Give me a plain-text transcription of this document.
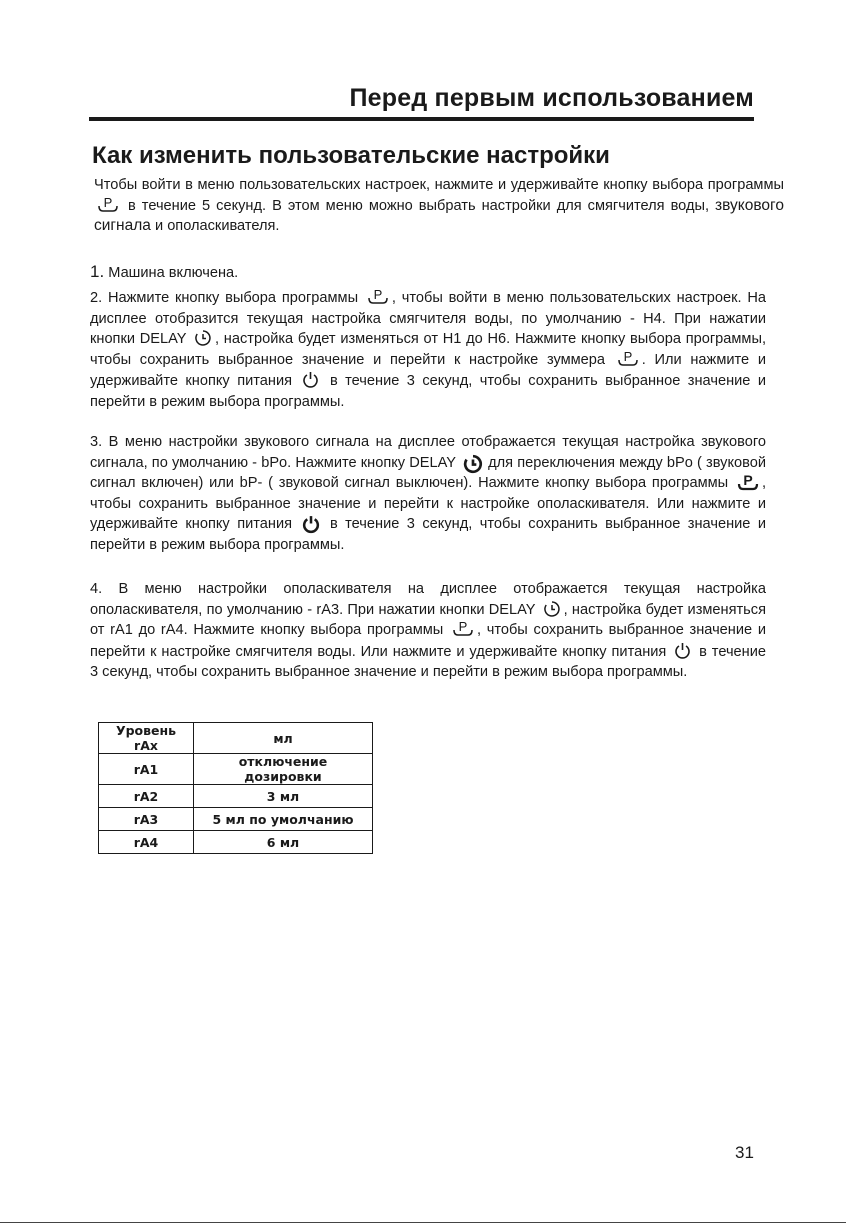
Перед первым использованием
Как изменить пользовательские настройки
Чтобы войти в меню пользовательских настроек, нажмите и удерживайте кнопку выбора программы
P в течение 5 секунд. В этом меню можно выбрать настройки для смягчителя воды, звукового сигнала и ополаскивателя.
1. Машина включена.
2. Нажмите кнопку выбора программы P , чтобы войти в меню пользовательских настроек. На дисплее отобразится текущая настройка смягчителя воды, по умолчанию - H4. При нажатии кнопки DELAY , настройка будет изменяться от H1 до H6. Нажмите кнопку выбора программы, чтобы сохранить выбранное значение и перейти к настройке зуммера P . Или нажмите и удерживайте кнопку питания	в течение 3 секунд, чтобы сохранить выбранное значение и перейти в режим выбора программы.
3. В меню настройки звукового сигнала на дисплее отображается текущая настройка звукового сигнала, по умолчанию - bPo. Нажмите кнопку DELAY для переключения между bPo ( звуковой сигнал включен) или bP- ( звуковой сигнал выключен). Нажмите кнопку выбора программы P , чтобы сохранить выбранное значение и перейти к настройке ополаскивателя. Или нажмите и удерживайте кнопку питания	в течение 3 секунд, чтобы сохранить выбранное значение и перейти в режим выбора программы.
4. В меню настройки ополаскивателя на дисплее отображается текущая настройка ополаскивателя, по умолчанию - rA3. При нажатии кнопки DELAY , настройка будет изменяться от rA1 до rA4. Нажмите кнопку выбора программы P , чтобы сохранить выбранное значение и перейти к настройке смягчителя воды. Или нажмите и удерживайте кнопку питания в течение 3 секунд, чтобы сохранить выбранное значение и перейти в режим выбора программы.
Уровень rAx	мл
rA1	отключение дозировки
rA2	3 мл
rA3	5 мл по умолчанию
rA4	6 мл
31
